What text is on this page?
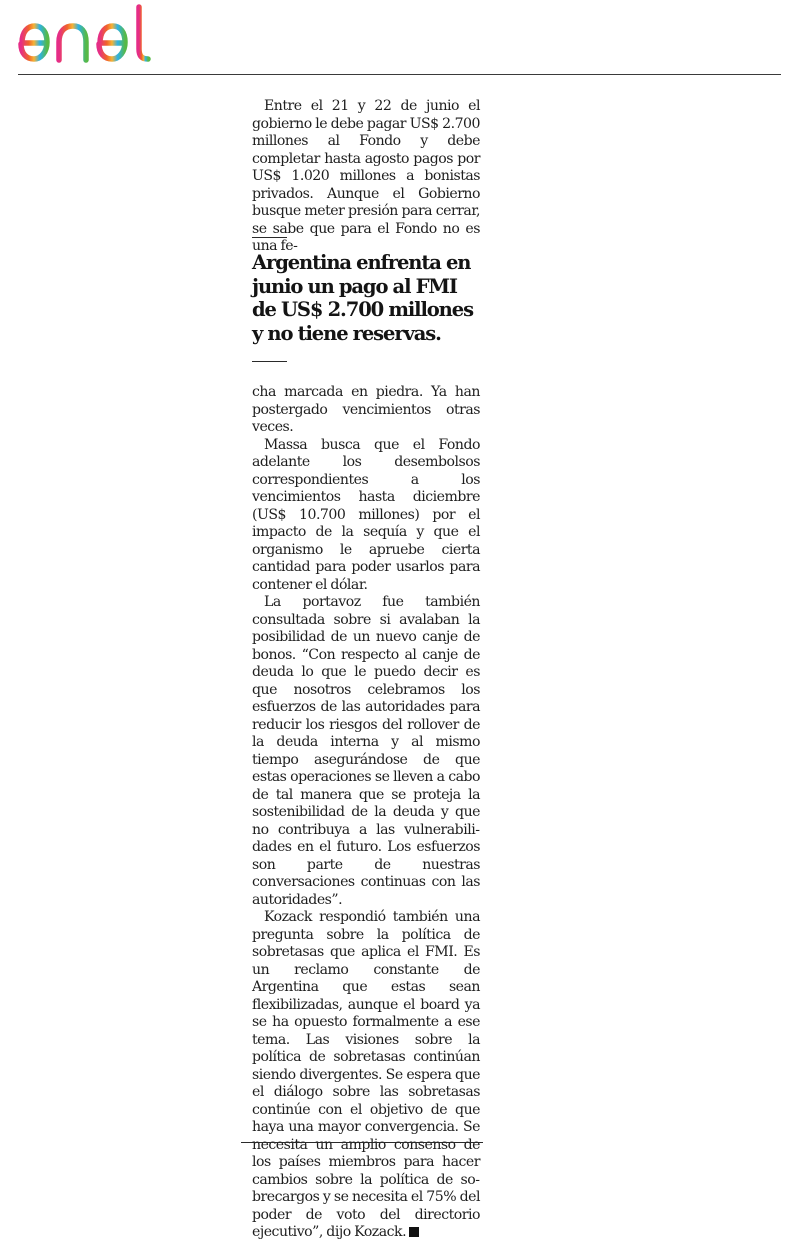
Entre el 21 y 22 de junio el gobierno le debe pagar US$ 2.700 millones al Fondo y debe completar hasta agosto pagos por US$ 1.020 millones a bonistas privados. Aunque el Gobierno busque meter presión para cerrar, se sabe que para el Fondo no es una fe-

Argentina enfrenta en junio un pago al FMI de US$ 2.700 millones y no tiene reservas.

cha marcada en piedra. Ya han postergado vencimientos otras veces.

Massa busca que el Fondo adelante los desembolsos correspondientes a los vencimientos hasta diciembre (US$ 10.700 millones) por el impacto de la sequía y que el organismo le apruebe cierta cantidad para poder usarlos para contener el dólar.

La portavoz fue también consultada sobre si avalaban la posibilidad de un nuevo canje de bonos. “Con respecto al canje de deuda lo que le puedo decir es que nosotros celebramos los esfuerzos de las autoridades para reducir los riesgos del rollover de la deuda interna y al mismo tiempo asegurándose de que estas operaciones se lleven a cabo de tal manera que se proteja la sostenibilidad de la deuda y que no contribuya a las vulnerabilidades en el futuro. Los esfuerzos son parte de nuestras conversaciones continuas con las autoridades”.

Kozack respondió también una pregunta sobre la política de sobretasas que aplica el FMI. Es un reclamo constante de Argentina que estas sean flexibilizadas, aunque el board ya se ha opuesto formalmente a ese tema. Las visiones sobre la política de sobretasas continúan siendo divergentes. Se espera que el diálogo sobre las sobretasas continúe con el objetivo de que haya una mayor convergencia. Se necesita un amplio consenso de los países miembros para hacer cambios sobre la política de sobrecargos y se necesita el 75% del poder de voto del directorio ejecutivo”, dijo Kozack.
